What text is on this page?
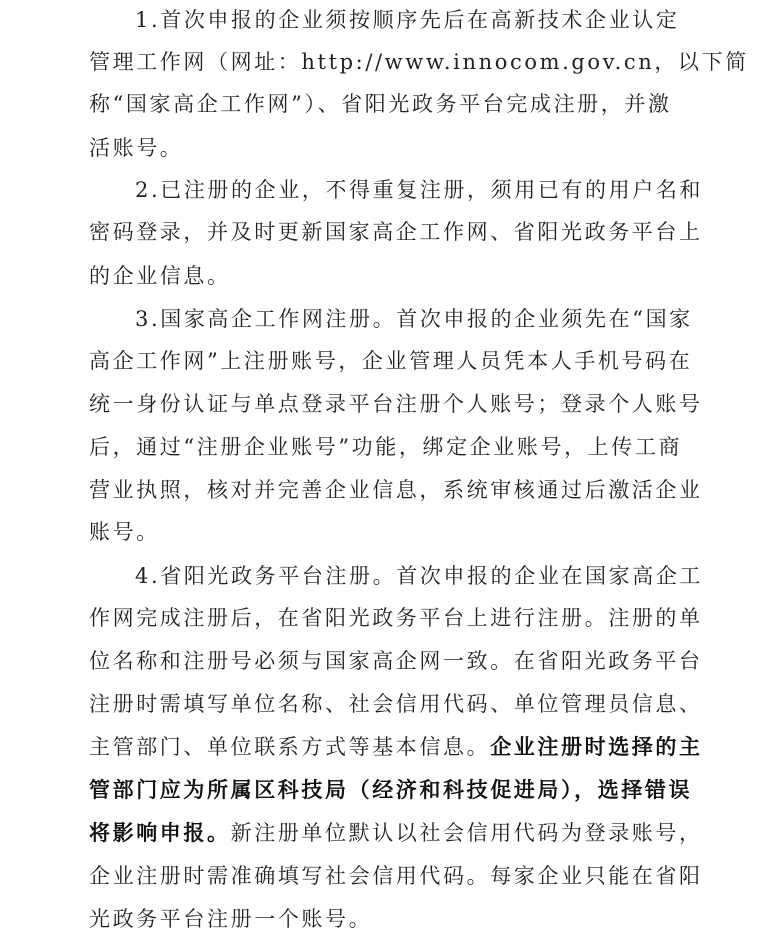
1.首次申报的企业须按顺序先后在高新技术企业认定
管理工作网（网址：http://www.innocom.gov.cn，以下简
称“国家高企工作网”）、省阳光政务平台完成注册，并激
活账号。
2.已注册的企业，不得重复注册，须用已有的用户名和
密码登录，并及时更新国家高企工作网、省阳光政务平台上
的企业信息。
3.国家高企工作网注册。首次申报的企业须先在“国家
高企工作网”上注册账号，企业管理人员凭本人手机号码在
统一身份认证与单点登录平台注册个人账号；登录个人账号
后，通过“注册企业账号”功能，绑定企业账号，上传工商
营业执照，核对并完善企业信息，系统审核通过后激活企业
账号。
4.省阳光政务平台注册。首次申报的企业在国家高企工
作网完成注册后，在省阳光政务平台上进行注册。注册的单
位名称和注册号必须与国家高企网一致。在省阳光政务平台
注册时需填写单位名称、社会信用代码、单位管理员信息、
主管部门、单位联系方式等基本信息。企业注册时选择的主
管部门应为所属区科技局（经济和科技促进局），选择错误
将影响申报。新注册单位默认以社会信用代码为登录账号，
企业注册时需准确填写社会信用代码。每家企业只能在省阳
光政务平台注册一个账号。
